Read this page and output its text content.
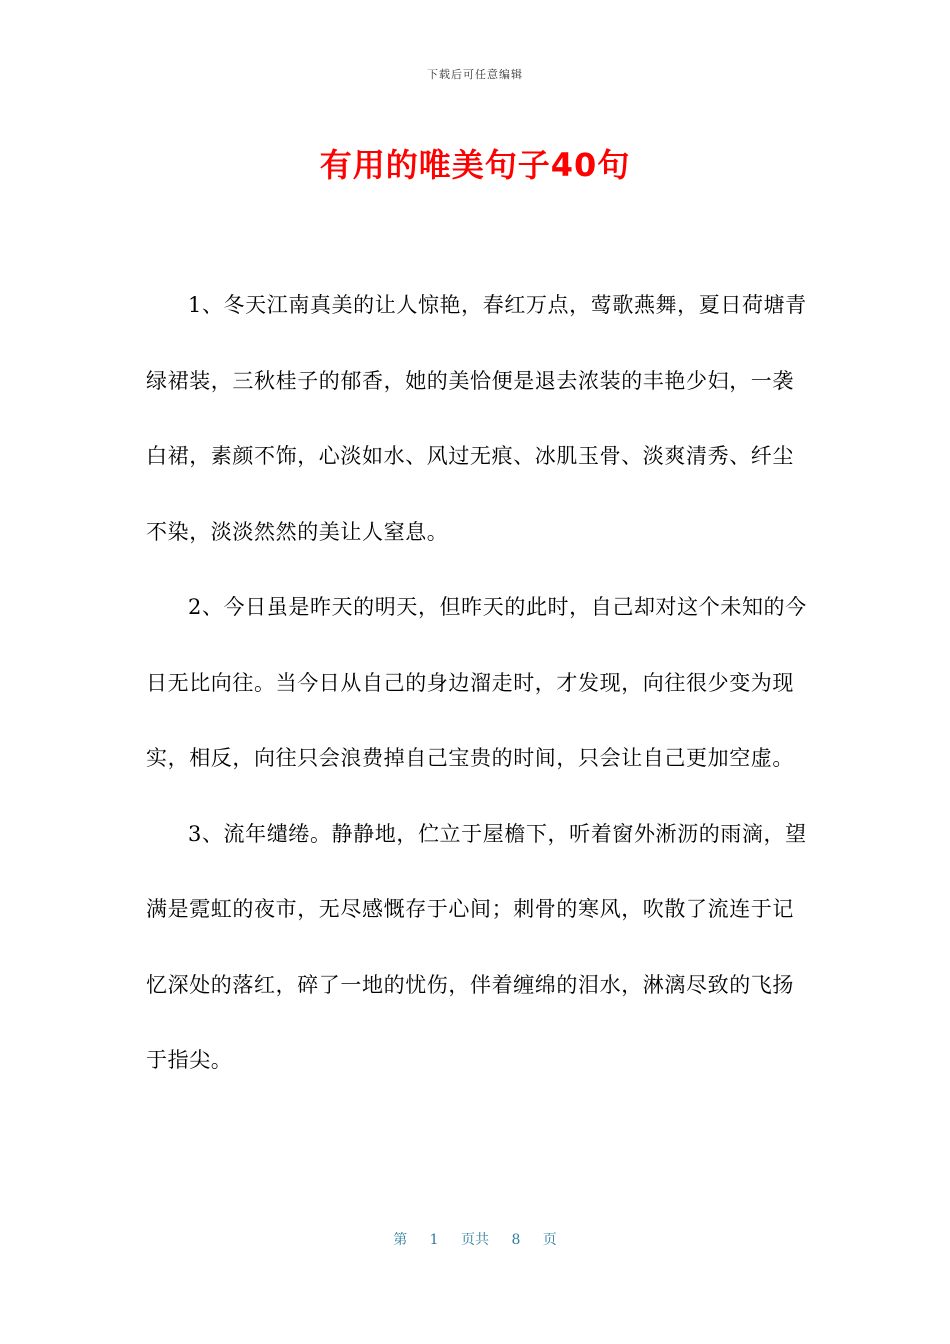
下载后可任意编辑
有用的唯美句子40句

1、冬天江南真美的让人惊艳，春红万点，莺歌燕舞，夏日荷塘青绿裙装，三秋桂子的郁香，她的美恰便是退去浓装的丰艳少妇，一袭白裙，素颜不饰，心淡如水、风过无痕、冰肌玉骨、淡爽清秀、纤尘不染，淡淡然然的美让人窒息。

2、今日虽是昨天的明天，但昨天的此时，自己却对这个未知的今日无比向往。当今日从自己的身边溜走时，才发现，向往很少变为现实，相反，向往只会浪费掉自己宝贵的时间，只会让自己更加空虚。

3、流年缱绻。静静地，伫立于屋檐下，听着窗外淅沥的雨滴，望满是霓虹的夜市，无尽感慨存于心间；刺骨的寒风，吹散了流连于记忆深处的落红，碎了一地的忧伤，伴着缠绵的泪水，淋漓尽致的飞扬于指尖。

第 1 页共 8 页
